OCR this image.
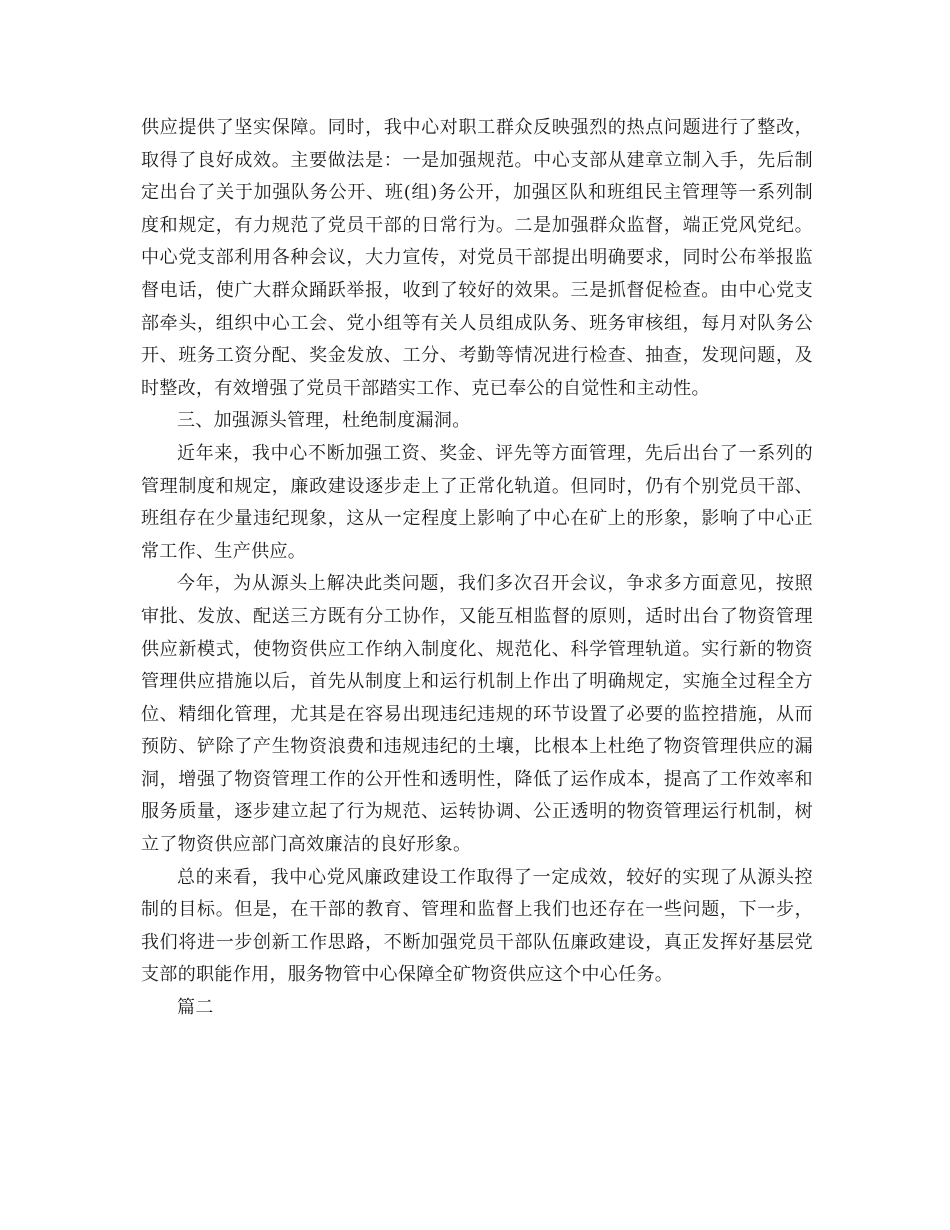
供应提供了坚实保障。同时，我中心对职工群众反映强烈的热点问题进行了整改，取得了良好成效。主要做法是：一是加强规范。中心支部从建章立制入手，先后制定出台了关于加强队务公开、班(组)务公开，加强区队和班组民主管理等一系列制度和规定，有力规范了党员干部的日常行为。二是加强群众监督，端正党风党纪。中心党支部利用各种会议，大力宣传，对党员干部提出明确要求，同时公布举报监督电话，使广大群众踊跃举报，收到了较好的效果。三是抓督促检查。由中心党支部牵头，组织中心工会、党小组等有关人员组成队务、班务审核组，每月对队务公开、班务工资分配、奖金发放、工分、考勤等情况进行检查、抽查，发现问题，及时整改，有效增强了党员干部踏实工作、克已奉公的自觉性和主动性。

三、加强源头管理，杜绝制度漏洞。

近年来，我中心不断加强工资、奖金、评先等方面管理，先后出台了一系列的管理制度和规定，廉政建设逐步走上了正常化轨道。但同时，仍有个别党员干部、班组存在少量违纪现象，这从一定程度上影响了中心在矿上的形象，影响了中心正常工作、生产供应。

今年，为从源头上解决此类问题，我们多次召开会议，争求多方面意见，按照审批、发放、配送三方既有分工协作，又能互相监督的原则，适时出台了物资管理供应新模式，使物资供应工作纳入制度化、规范化、科学管理轨道。实行新的物资管理供应措施以后，首先从制度上和运行机制上作出了明确规定，实施全过程全方位、精细化管理，尤其是在容易出现违纪违规的环节设置了必要的监控措施，从而预防、铲除了产生物资浪费和违规违纪的土壤，比根本上杜绝了物资管理供应的漏洞，增强了物资管理工作的公开性和透明性，降低了运作成本，提高了工作效率和服务质量，逐步建立起了行为规范、运转协调、公正透明的物资管理运行机制，树立了物资供应部门高效廉洁的良好形象。

总的来看，我中心党风廉政建设工作取得了一定成效，较好的实现了从源头控制的目标。但是，在干部的教育、管理和监督上我们也还存在一些问题，下一步，我们将进一步创新工作思路，不断加强党员干部队伍廉政建设，真正发挥好基层党支部的职能作用，服务物管中心保障全矿物资供应这个中心任务。

篇二
